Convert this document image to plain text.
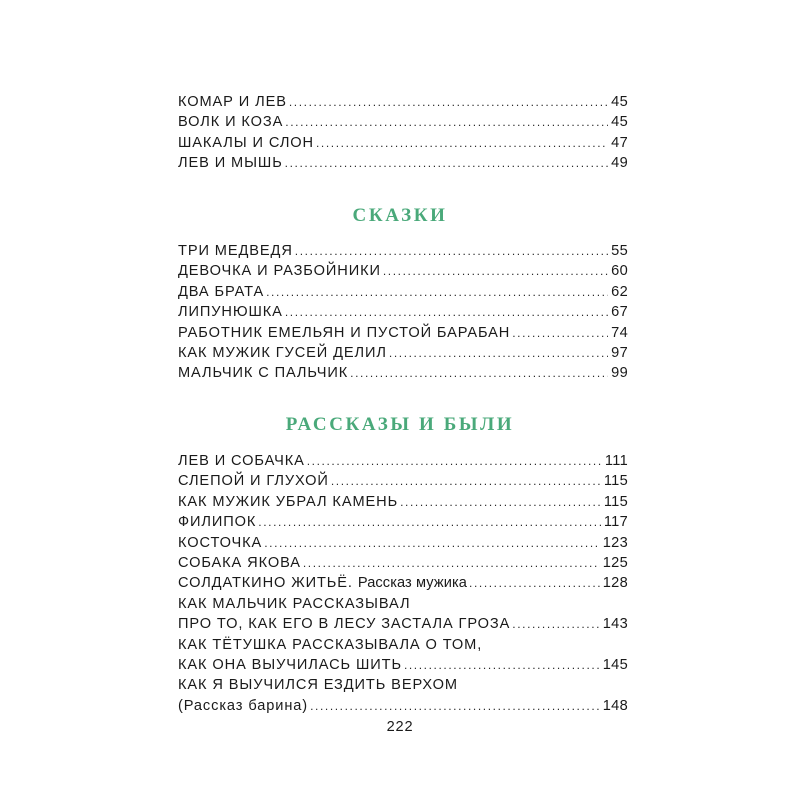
КОМАР И ЛЕВ .....	45
ВОЛК И КОЗА .....	45
ШАКАЛЫ И СЛОН .....	47
ЛЕВ И МЫШЬ .....	49
СКАЗКИ
ТРИ МЕДВЕДЯ .....	55
ДЕВОЧКА И РАЗБОЙНИКИ .....	60
ДВА БРАТА .....	62
ЛИПУНЮШКА .....	67
РАБОТНИК ЕМЕЛЬЯН И ПУСТОЙ БАРАБАН .....	74
КАК МУЖИК ГУСЕЙ ДЕЛИЛ .....	97
МАЛЬЧИК С ПАЛЬЧИК .....	99
РАССКАЗЫ И БЫЛИ
ЛЕВ И СОБАЧКА .....	111
СЛЕПОЙ И ГЛУХОЙ .....	115
КАК МУЖИК УБРАЛ КАМЕНЬ .....	115
ФИЛИПОК .....	117
КОСТОЧКА .....	123
СОБАКА ЯКОВА .....	125
СОЛДАТКИНО ЖИТЬЁ. Рассказ мужика .....	128
КАК МАЛЬЧИК РАССКАЗЫВАЛ
ПРО ТО, КАК ЕГО В ЛЕСУ ЗАСТАЛА ГРОЗА .....	143
КАК ТЁТУШКА РАССКАЗЫВАЛА О ТОМ,
КАК ОНА ВЫУЧИЛАСЬ ШИТЬ .....	145
КАК Я ВЫУЧИЛСЯ ЕЗДИТЬ ВЕРХОМ
(Рассказ барина) .....	148
222
